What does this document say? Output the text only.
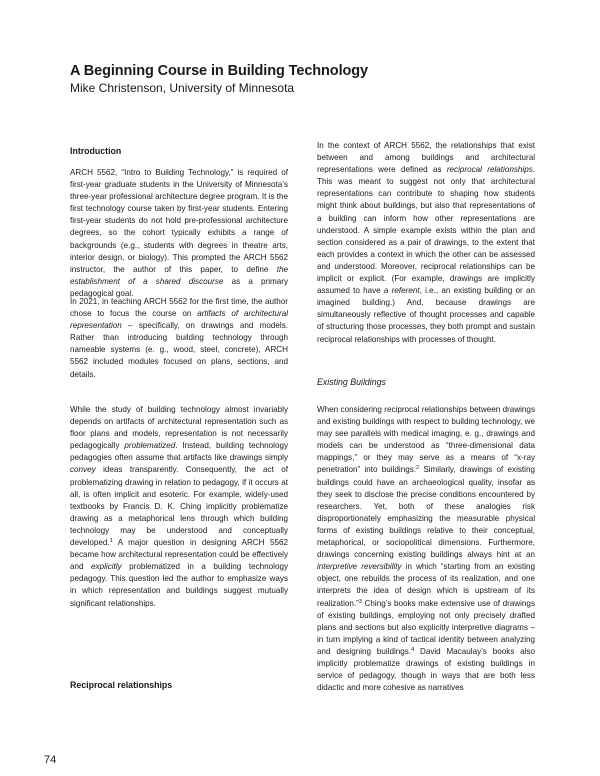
A Beginning Course in Building Technology
Mike Christenson, University of Minnesota
Introduction
ARCH 5562, “Intro to Building Technology,” is required of first-year graduate students in the University of Minnesota’s three-year professional architecture degree program. It is the first technology course taken by first-year students. Entering first-year students do not hold pre-professional architecture degrees, so the cohort typically exhibits a range of backgrounds (e.g., students with degrees in theatre arts, interior design, or biology). This prompted the ARCH 5562 instructor, the author of this paper, to define the establishment of a shared discourse as a primary pedagogical goal.
In 2021, in teaching ARCH 5562 for the first time, the author chose to focus the course on artifacts of architectural representation – specifically, on drawings and models. Rather than introducing building technology through nameable systems (e. g., wood, steel, concrete), ARCH 5562 included modules focused on plans, sections, and details.
While the study of building technology almost invariably depends on artifacts of architectural representation such as floor plans and models, representation is not necessarily pedagogically problematized. Instead, building technology pedagogies often assume that artifacts like drawings simply convey ideas transparently. Consequently, the act of problematizing drawing in relation to pedagogy, if it occurs at all, is often implicit and esoteric. For example, widely-used textbooks by Francis D. K. Ching implicitly problematize drawing as a metaphorical lens through which building technology may be understood and conceptually developed.$^1$ A major question in designing ARCH 5562 became how architectural representation could be effectively and explicitly problematized in a building technology pedagogy. This question led the author to emphasize ways in which representation and buildings suggest mutually significant relationships.
Reciprocal relationships
In the context of ARCH 5562, the relationships that exist between and among buildings and architectural representations were defined as reciprocal relationships. This was meant to suggest not only that architectural representations can contribute to shaping how students might think about buildings, but also that representations of a building can inform how other representations are understood. A simple example exists within the plan and section considered as a pair of drawings, to the extent that each provides a context in which the other can be assessed and understood. Moreover, reciprocal relationships can be implicit or explicit. (For example, drawings are implicitly assumed to have a referent, i.e., an existing building or an imagined building.) And, because drawings are simultaneously reflective of thought processes and capable of structuring those processes, they both prompt and sustain reciprocal relationships with processes of thought.
Existing Buildings
When considering reciprocal relationships between drawings and existing buildings with respect to building technology, we may see parallels with medical imaging, e. g., drawings and models can be understood as “three-dimensional data mappings,” or they may serve as a means of “x-ray penetration” into buildings.$^2$ Similarly, drawings of existing buildings could have an archaeological quality, insofar as they seek to disclose the precise conditions encountered by researchers. Yet, both of these analogies risk disproportionately emphasizing the measurable physical forms of existing buildings relative to their conceptual, metaphorical, or sociopolitical dimensions. Furthermore, drawings concerning existing buildings always hint at an interpretive reversibility in which “starting from an existing object, one rebuilds the process of its realization, and one interprets the idea of design which is upstream of its realization.”$^3$ Ching’s books make extensive use of drawings of existing buildings, employing not only precisely drafted plans and sections but also explicitly interpretive diagrams – in turn implying a kind of tactical identity between analyzing and designing buildings.$^4$ David Macaulay’s books also implicitly problematize drawings of existing buildings in service of pedagogy, though in ways that are both less didactic and more cohesive as narratives
74
